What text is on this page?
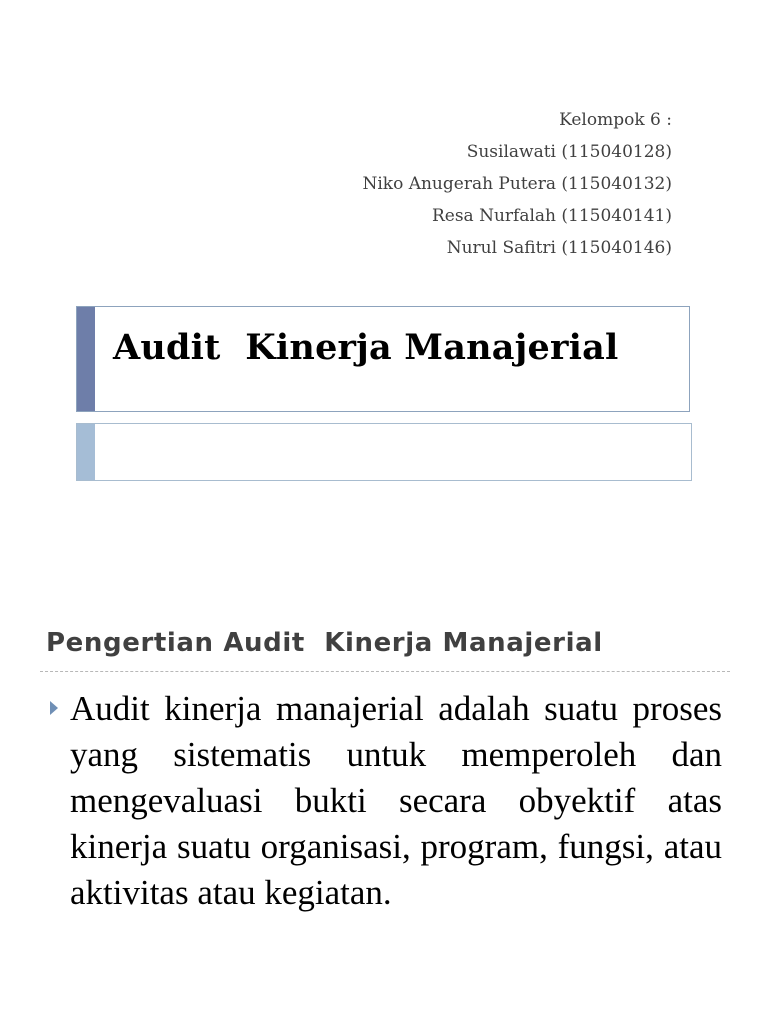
Kelompok 6 :
Susilawati (115040128)
Niko Anugerah Putera (115040132)
Resa Nurfalah (115040141)
Nurul Safitri (115040146)
Audit  Kinerja Manajerial
Pengertian Audit  Kinerja Manajerial
Audit kinerja manajerial adalah suatu proses yang sistematis untuk memperoleh dan mengevaluasi bukti secara obyektif atas kinerja suatu organisasi, program, fungsi, atau aktivitas atau kegiatan.
